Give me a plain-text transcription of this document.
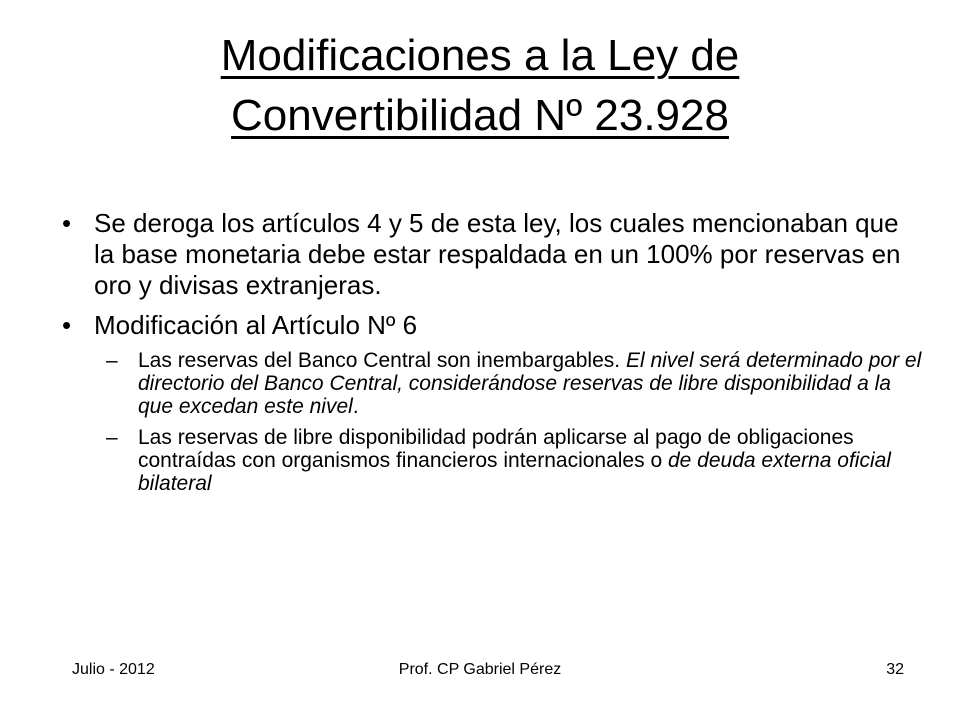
Modificaciones a la Ley de
Convertibilidad Nº 23.928
• Se deroga los artículos 4 y 5 de esta ley, los cuales mencionaban que la base monetaria debe estar respaldada en un 100% por reservas en oro y divisas extranjeras.
• Modificación al Artículo Nº 6
– Las reservas del Banco Central son inembargables. El nivel será determinado por el directorio del Banco Central, considerándose reservas de libre disponibilidad a la que excedan este nivel.
– Las reservas de libre disponibilidad podrán aplicarse al pago de obligaciones contraídas con organismos financieros internacionales o de deuda externa oficial bilateral
Julio - 2012	Prof. CP Gabriel Pérez	32
